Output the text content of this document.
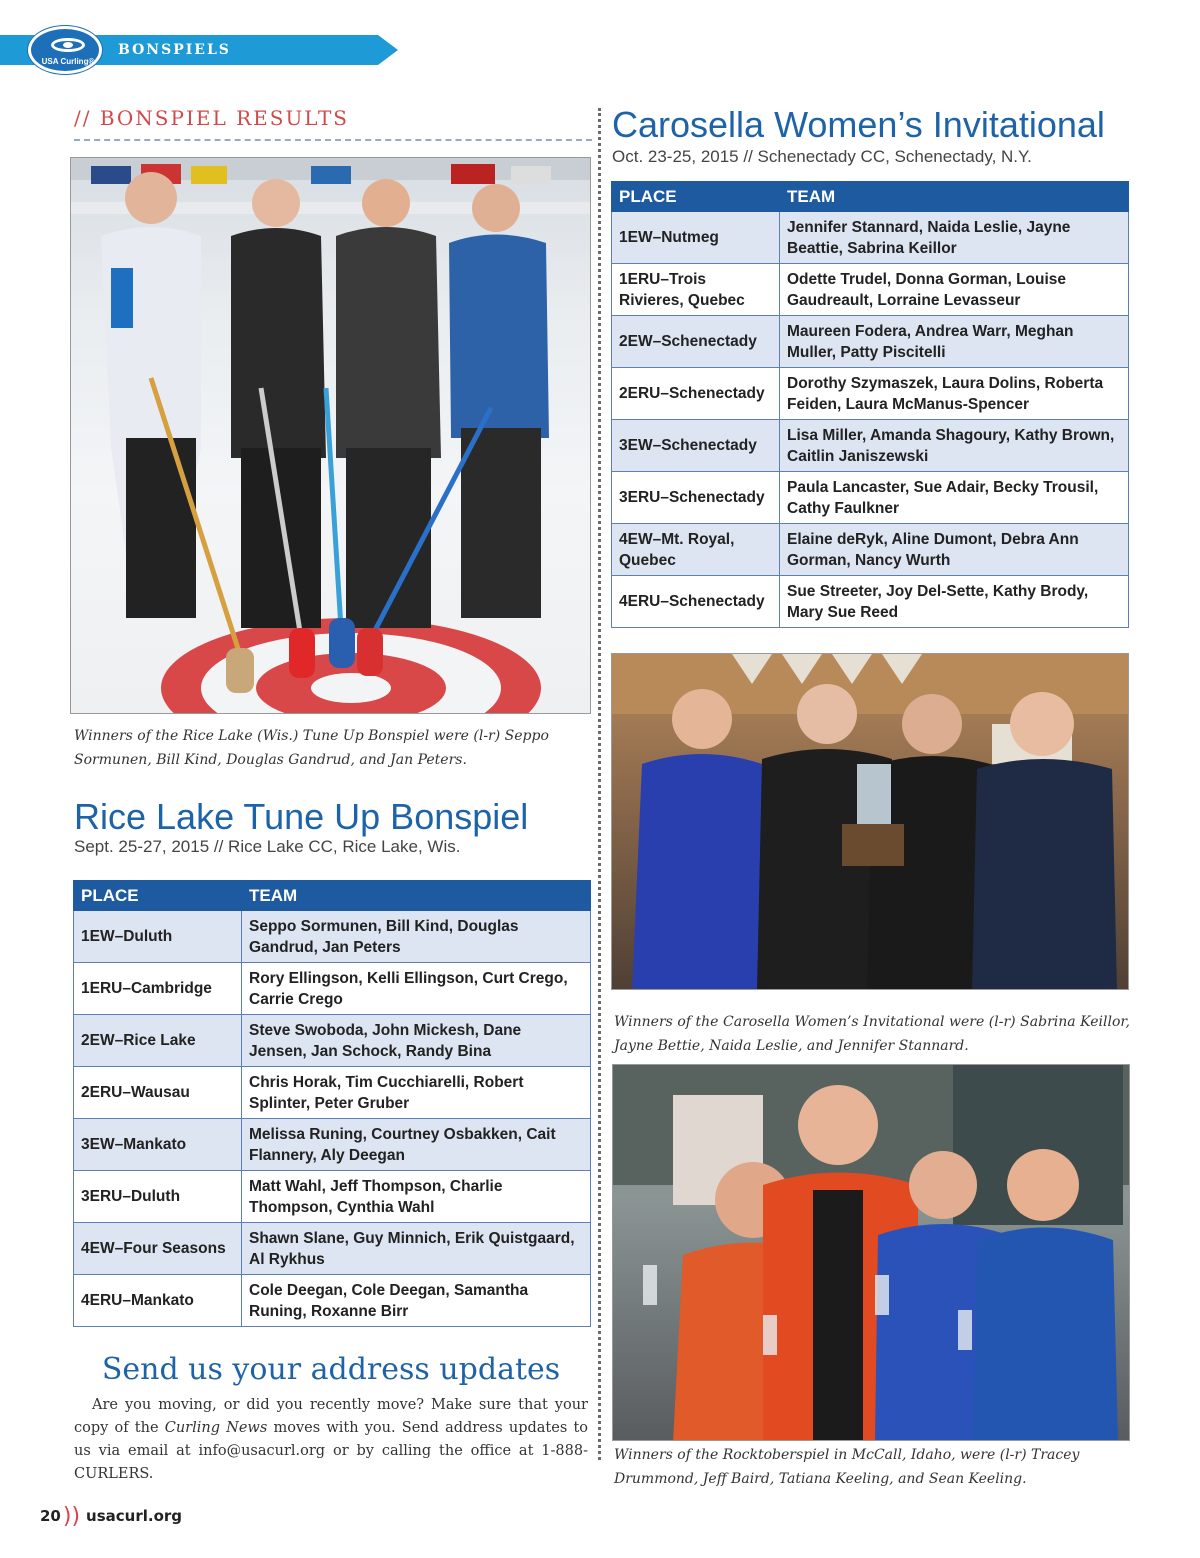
BONSPIELS
USA Curling®
// BONSPIEL RESULTS
Winners of the Rice Lake (Wis.) Tune Up Bonspiel were (l-r) Seppo Sormunen, Bill Kind, Douglas Gandrud, and Jan Peters.
Carosella Women’s Invitational
Oct. 23-25, 2015 // Schenectady CC, Schenectady, N.Y.
PLACE	TEAM
1EW–Nutmeg	Jennifer Stannard, Naida Leslie, Jayne Beattie, Sabrina Keillor
1ERU–Trois Rivieres, Quebec	Odette Trudel, Donna Gorman, Louise Gaudreault, Lorraine Levasseur
2EW–Schenectady	Maureen Fodera, Andrea Warr, Meghan Muller, Patty Piscitelli
2ERU–Schenectady	Dorothy Szymaszek, Laura Dolins, Roberta Feiden, Laura McManus-Spencer
3EW–Schenectady	Lisa Miller, Amanda Shagoury, Kathy Brown, Caitlin Janiszewski
3ERU–Schenectady	Paula Lancaster, Sue Adair, Becky Trousil, Cathy Faulkner
4EW–Mt. Royal, Quebec	Elaine deRyk, Aline Dumont, Debra Ann Gorman, Nancy Wurth
4ERU–Schenectady	Sue Streeter, Joy Del-Sette, Kathy Brody, Mary Sue Reed
Winners of the Carosella Women’s Invitational were (l-r) Sabrina Keillor, Jayne Bettie, Naida Leslie, and Jennifer Stannard.
Rice Lake Tune Up Bonspiel
Sept. 25-27, 2015 // Rice Lake CC, Rice Lake, Wis.
PLACE	TEAM
1EW–Duluth	Seppo Sormunen, Bill Kind, Douglas Gandrud, Jan Peters
1ERU–Cambridge	Rory Ellingson, Kelli Ellingson, Curt Crego, Carrie Crego
2EW–Rice Lake	Steve Swoboda, John Mickesh, Dane Jensen, Jan Schock, Randy Bina
2ERU–Wausau	Chris Horak, Tim Cucchiarelli, Robert Splinter, Peter Gruber
3EW–Mankato	Melissa Runing, Courtney Osbakken, Cait Flannery, Aly Deegan
3ERU–Duluth	Matt Wahl, Jeff Thompson, Charlie Thompson, Cynthia Wahl
4EW–Four Seasons	Shawn Slane, Guy Minnich, Erik Quistgaard, Al Rykhus
4ERU–Mankato	Cole Deegan, Cole Deegan, Samantha Runing, Roxanne Birr
Winners of the Rocktoberspiel in McCall, Idaho, were (l-r) Tracey Drummond, Jeff Baird, Tatiana Keeling, and Sean Keeling.
Send us your address updates
Are you moving, or did you recently move? Make sure that your copy of the Curling News moves with you. Send address updates to us via email at info@usacurl.org or by calling the office at 1-888-CURLERS.
20)) usacurl.org
